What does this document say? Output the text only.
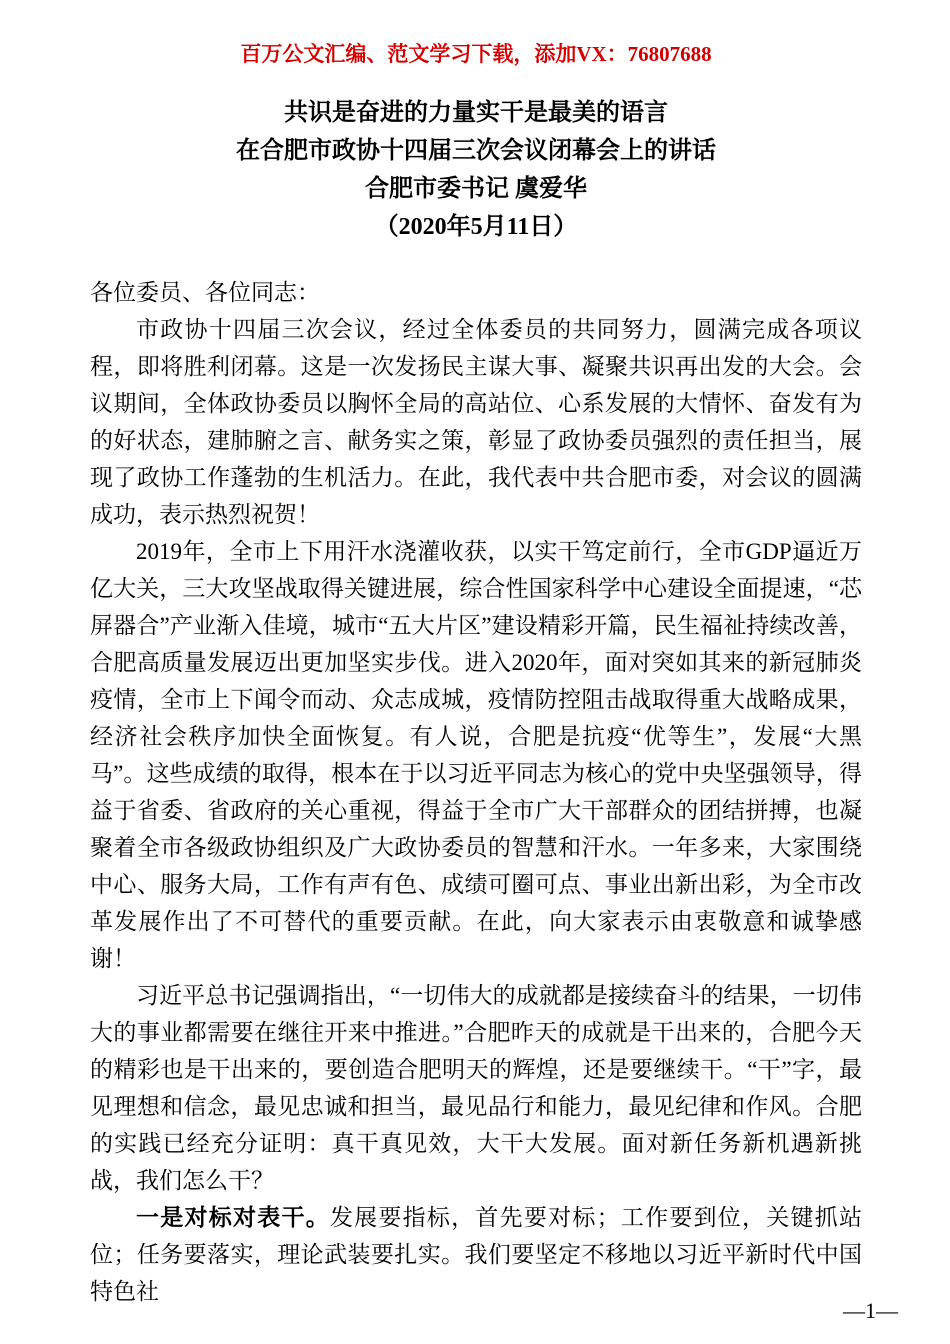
百万公文汇编、范文学习下载，添加VX：76807688
共识是奋进的力量实干是最美的语言
在合肥市政协十四届三次会议闭幕会上的讲话
合肥市委书记 虞爱华
（2020年5月11日）

各位委员、各位同志：

市政协十四届三次会议，经过全体委员的共同努力，圆满完成各项议程，即将胜利闭幕。这是一次发扬民主谋大事、凝聚共识再出发的大会。会议期间，全体政协委员以胸怀全局的高站位、心系发展的大情怀、奋发有为的好状态，建肺腑之言、献务实之策，彰显了政协委员强烈的责任担当，展现了政协工作蓬勃的生机活力。在此，我代表中共合肥市委，对会议的圆满成功，表示热烈祝贺！

2019年，全市上下用汗水浇灌收获，以实干笃定前行，全市GDP逼近万亿大关，三大攻坚战取得关键进展，综合性国家科学中心建设全面提速，“芯屏器合”产业渐入佳境，城市“五大片区”建设精彩开篇，民生福祉持续改善，合肥高质量发展迈出更加坚实步伐。进入2020年，面对突如其来的新冠肺炎疫情，全市上下闻令而动、众志成城，疫情防控阻击战取得重大战略成果，经济社会秩序加快全面恢复。有人说，合肥是抗疫“优等生”，发展“大黑马”。这些成绩的取得，根本在于以习近平同志为核心的党中央坚强领导，得益于省委、省政府的关心重视，得益于全市广大干部群众的团结拼搏，也凝聚着全市各级政协组织及广大政协委员的智慧和汗水。一年多来，大家围绕中心、服务大局，工作有声有色、成绩可圈可点、事业出新出彩，为全市改革发展作出了不可替代的重要贡献。在此，向大家表示由衷敬意和诚挚感谢！

习近平总书记强调指出，“一切伟大的成就都是接续奋斗的结果，一切伟大的事业都需要在继往开来中推进。”合肥昨天的成就是干出来的，合肥今天的精彩也是干出来的，要创造合肥明天的辉煌，还是要继续干。“干”字，最见理想和信念，最见忠诚和担当，最见品行和能力，最见纪律和作风。合肥的实践已经充分证明：真干真见效，大干大发展。面对新任务新机遇新挑战，我们怎么干？

一是对标对表干。发展要指标，首先要对标；工作要到位，关键抓站位；任务要落实，理论武装要扎实。我们要坚定不移地以习近平新时代中国特色社

—1—
